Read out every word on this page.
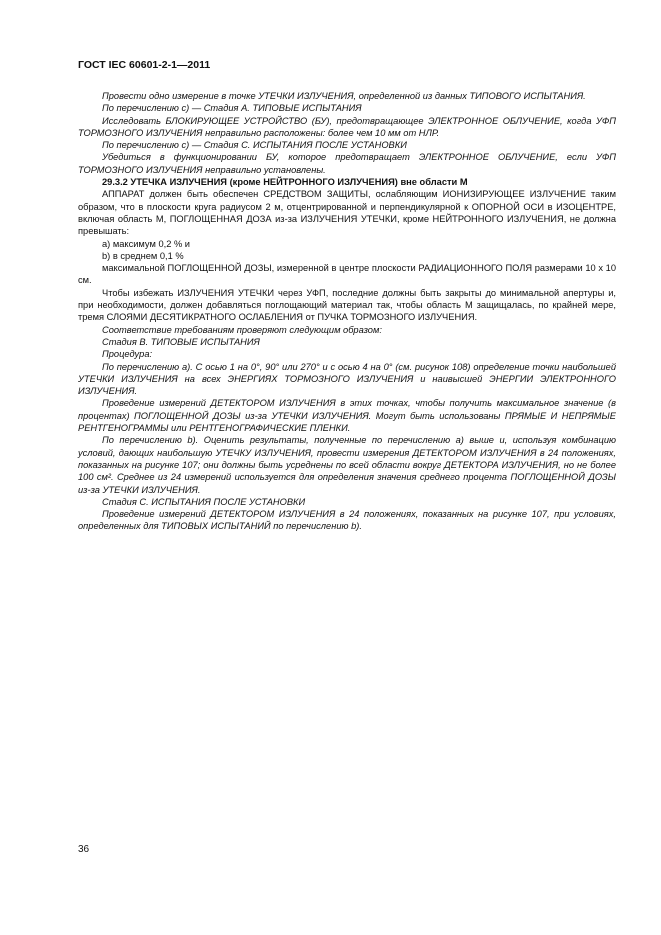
ГОСТ IEC 60601-2-1—2011

Провести одно измерение в точке УТЕЧКИ ИЗЛУЧЕНИЯ, определенной из данных ТИПОВОГО ИСПЫТАНИЯ.

По перечислению с) — Стадия А. ТИПОВЫЕ ИСПЫТАНИЯ

Исследовать БЛОКИРУЮЩЕЕ УСТРОЙСТВО (БУ), предотвращающее ЭЛЕКТРОННОЕ ОБЛУЧЕНИЕ, когда УФП ТОРМОЗНОГО ИЗЛУЧЕНИЯ неправильно расположены: более чем 10 мм от НЛР.

По перечислению с) — Стадия С. ИСПЫТАНИЯ ПОСЛЕ УСТАНОВКИ

Убедиться в функционировании БУ, которое предотвращает ЭЛЕКТРОННОЕ ОБЛУЧЕНИЕ, если УФП ТОРМОЗНОГО ИЗЛУЧЕНИЯ неправильно установлены.

29.3.2 УТЕЧКА ИЗЛУЧЕНИЯ (кроме НЕЙТРОННОГО ИЗЛУЧЕНИЯ) вне области М

АППАРАТ должен быть обеспечен СРЕДСТВОМ ЗАЩИТЫ, ослабляющим ИОНИЗИРУЮЩЕЕ ИЗЛУЧЕНИЕ таким образом, что в плоскости круга радиусом 2 м, отцентрированной и перпендикулярной к ОПОРНОЙ ОСИ в ИЗОЦЕНТРЕ, включая область М, ПОГЛОЩЕННАЯ ДОЗА из-за ИЗЛУЧЕНИЯ УТЕЧКИ, кроме НЕЙТРОННОГО ИЗЛУЧЕНИЯ, не должна превышать:

а) максимум 0,2 % и

b) в среднем 0,1 %

максимальной ПОГЛОЩЕННОЙ ДОЗЫ, измеренной в центре плоскости РАДИАЦИОННОГО ПОЛЯ размерами 10 х 10 см.

Чтобы избежать ИЗЛУЧЕНИЯ УТЕЧКИ через УФП, последние должны быть закрыты до минимальной апертуры и, при необходимости, должен добавляться поглощающий материал так, чтобы область М защищалась, по крайней мере, тремя СЛОЯМИ ДЕСЯТИКРАТНОГО ОСЛАБЛЕНИЯ от ПУЧКА ТОРМОЗНОГО ИЗЛУЧЕНИЯ.

Соответствие требованиям проверяют следующим образом:

Стадия В. ТИПОВЫЕ ИСПЫТАНИЯ

Процедура:

По перечислению а). С осью 1 на 0°, 90° или 270° и с осью 4 на 0° (см. рисунок 108) определение точки наибольшей УТЕЧКИ ИЗЛУЧЕНИЯ на всех ЭНЕРГИЯХ ТОРМОЗНОГО ИЗЛУЧЕНИЯ и наивысшей ЭНЕРГИИ ЭЛЕКТРОННОГО ИЗЛУЧЕНИЯ.

Проведение измерений ДЕТЕКТОРОМ ИЗЛУЧЕНИЯ в этих точках, чтобы получить максимальное значение (в процентах) ПОГЛОЩЕННОЙ ДОЗЫ из-за УТЕЧКИ ИЗЛУЧЕНИЯ. Могут быть использованы ПРЯМЫЕ И НЕПРЯМЫЕ РЕНТГЕНОГРАММЫ или РЕНТГЕНОГРАФИЧЕСКИЕ ПЛЕНКИ.

По перечислению b). Оценить результаты, полученные по перечислению а) выше и, используя комбинацию условий, дающих наибольшую УТЕЧКУ ИЗЛУЧЕНИЯ, провести измерения ДЕТЕКТОРОМ ИЗЛУЧЕНИЯ в 24 положениях, показанных на рисунке 107; они должны быть усреднены по всей области вокруг ДЕТЕКТОРА ИЗЛУЧЕНИЯ, но не более 100 см². Среднее из 24 измерений используется для определения значения среднего процента ПОГЛОЩЕННОЙ ДОЗЫ из-за УТЕЧКИ ИЗЛУЧЕНИЯ.

Стадия С. ИСПЫТАНИЯ ПОСЛЕ УСТАНОВКИ

Проведение измерений ДЕТЕКТОРОМ ИЗЛУЧЕНИЯ в 24 положениях, показанных на рисунке 107, при условиях, определенных для ТИПОВЫХ ИСПЫТАНИЙ по перечислению b).

36
